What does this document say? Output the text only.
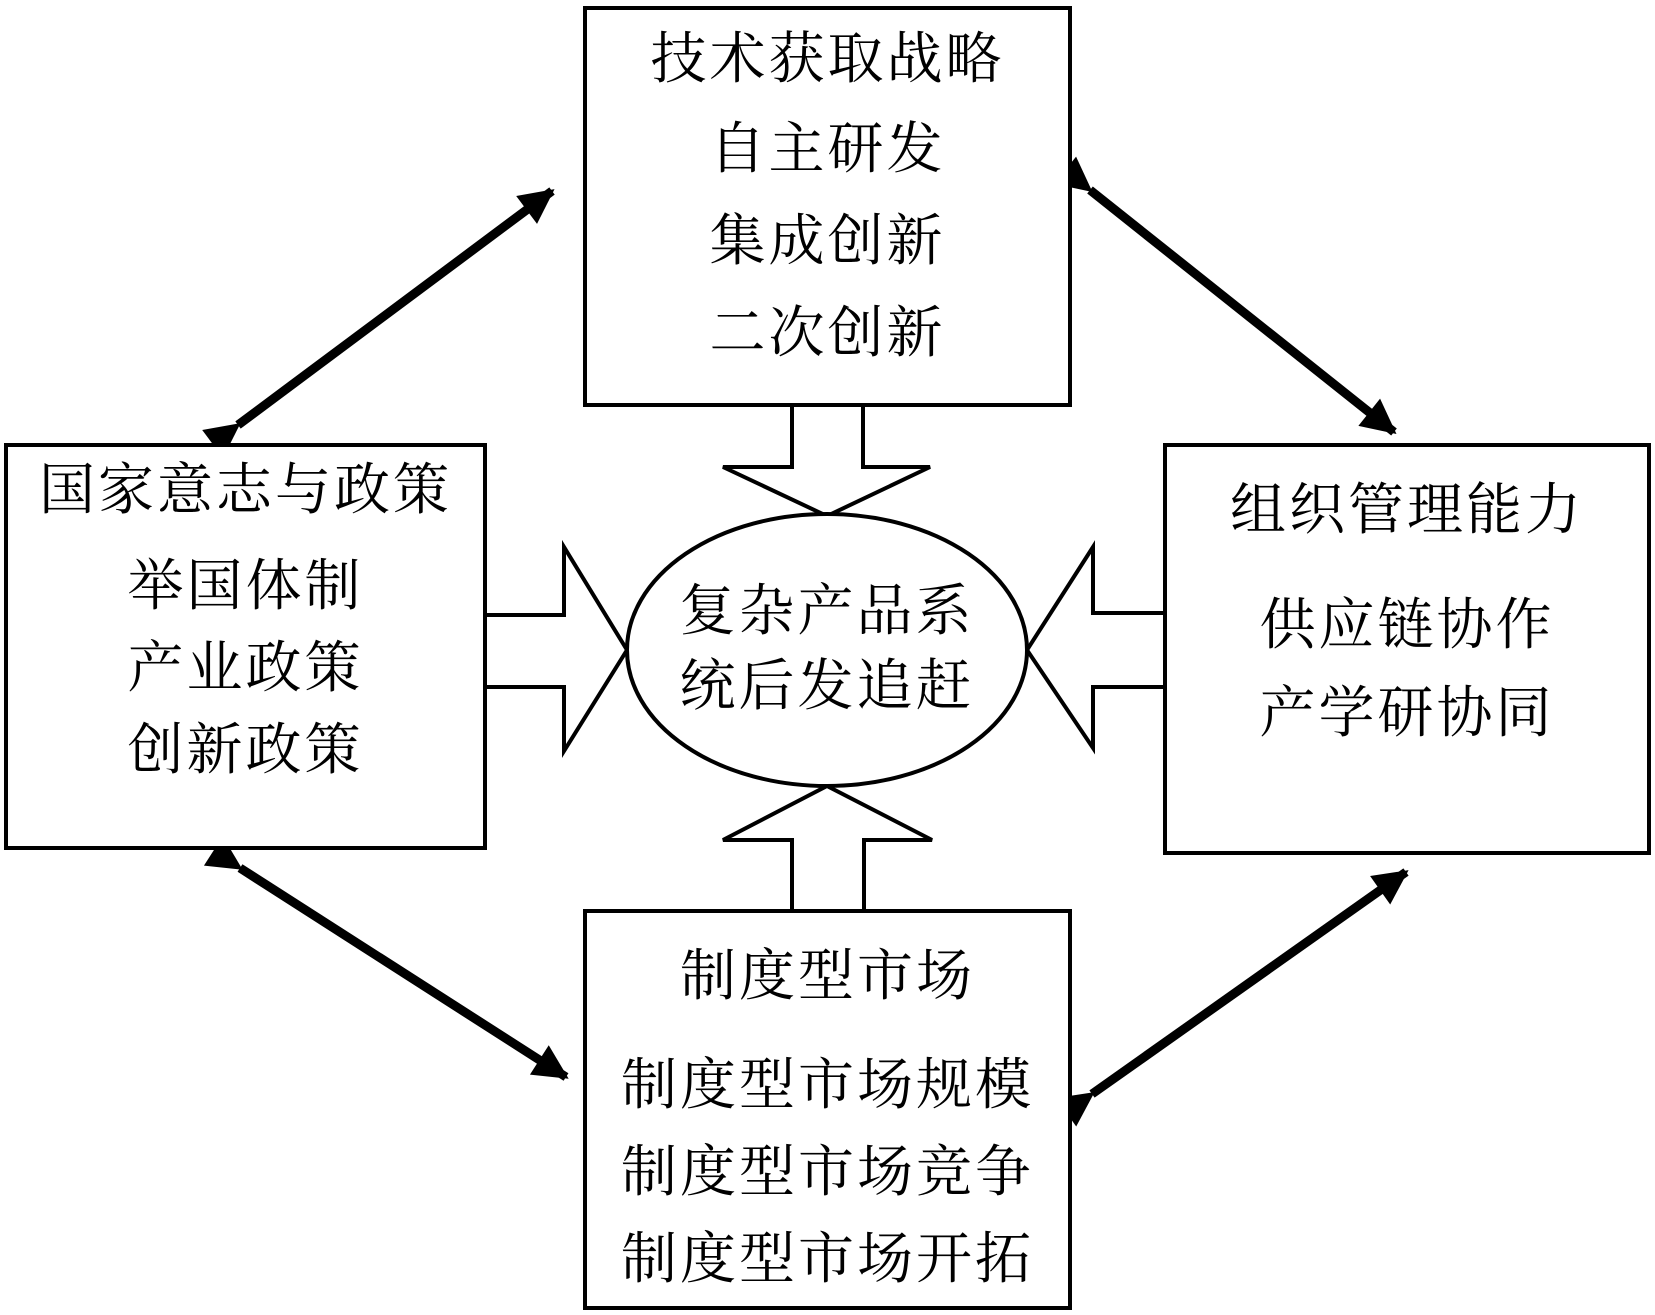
技术获取战略
自主研发
集成创新
二次创新
国家意志与政策
举国体制
产业政策
创新政策
组织管理能力
供应链协作
产学研协同
制度型市场
制度型市场规模
制度型市场竞争
制度型市场开拓
复杂产品系
统后发追赶
